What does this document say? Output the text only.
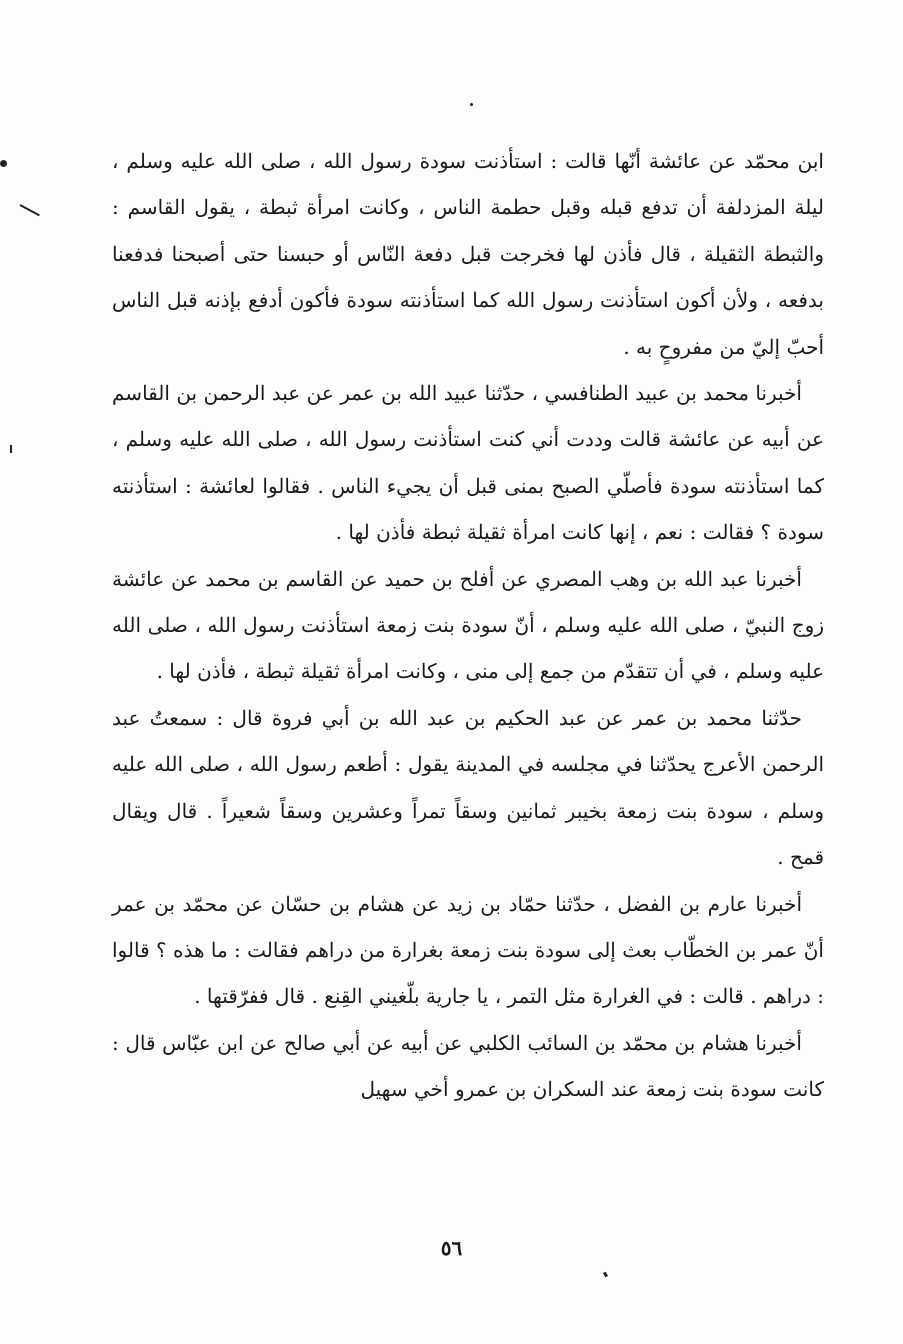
ابن محمّد عن عائشة أنّها قالت : استأذنت سودة رسول الله ، صلى الله عليه وسلم ، ليلة المزدلفة أن تدفع قبله وقبل حطمة الناس ، وكانت امرأة ثبطة ، يقول القاسم : والثبطة الثقيلة ، قال فأذن لها فخرجت قبل دفعة النّاس أو حبسنا حتى أصبحنا فدفعنا بدفعه ، ولأن أكون استأذنت رسول الله كما استأذنته سودة فأكون أدفع بإذنه قبل الناس أحبّ إليّ من مفروحٍ به .

أخبرنا محمد بن عبيد الطنافسي ، حدّثنا عبيد الله بن عمر عن عبد الرحمن بن القاسم عن أبيه عن عائشة قالت وددت أني كنت استأذنت رسول الله ، صلى الله عليه وسلم ، كما استأذنته سودة فأصلّي الصبح بمنى قبل أن يجيء الناس . فقالوا لعائشة : استأذنته سودة ؟ فقالت : نعم ، إنها كانت امرأة ثقيلة ثبطة فأذن لها .

أخبرنا عبد الله بن وهب المصري عن أفلح بن حميد عن القاسم بن محمد عن عائشة زوج النبيّ ، صلى الله عليه وسلم ، أنّ سودة بنت زمعة استأذنت رسول الله ، صلى الله عليه وسلم ، في أن تتقدّم من جمع إلى منى ، وكانت امرأة ثقيلة ثبطة ، فأذن لها .

حدّثنا محمد بن عمر عن عبد الحكيم بن عبد الله بن أبي فروة قال : سمعتُ عبد الرحمن الأعرج يحدّثنا في مجلسه في المدينة يقول : أطعم رسول الله ، صلى الله عليه وسلم ، سودة بنت زمعة بخيبر ثمانين وسقاً تمراً وعشرين وسقاً شعيراً . قال ويقال قمح .

أخبرنا عارم بن الفضل ، حدّثنا حمّاد بن زيد عن هشام بن حسّان عن محمّد بن عمر أنّ عمر بن الخطّاب بعث إلى سودة بنت زمعة بغرارة من دراهم فقالت : ما هذه ؟ قالوا : دراهم . قالت : في الغرارة مثل التمر ، يا جارية بلّغيني القِنع . قال ففرّقتها .

أخبرنا هشام بن محمّد بن السائب الكلبي عن أبيه عن أبي صالح عن ابن عبّاس قال : كانت سودة بنت زمعة عند السكران بن عمرو أخي سهيل

٥٦
